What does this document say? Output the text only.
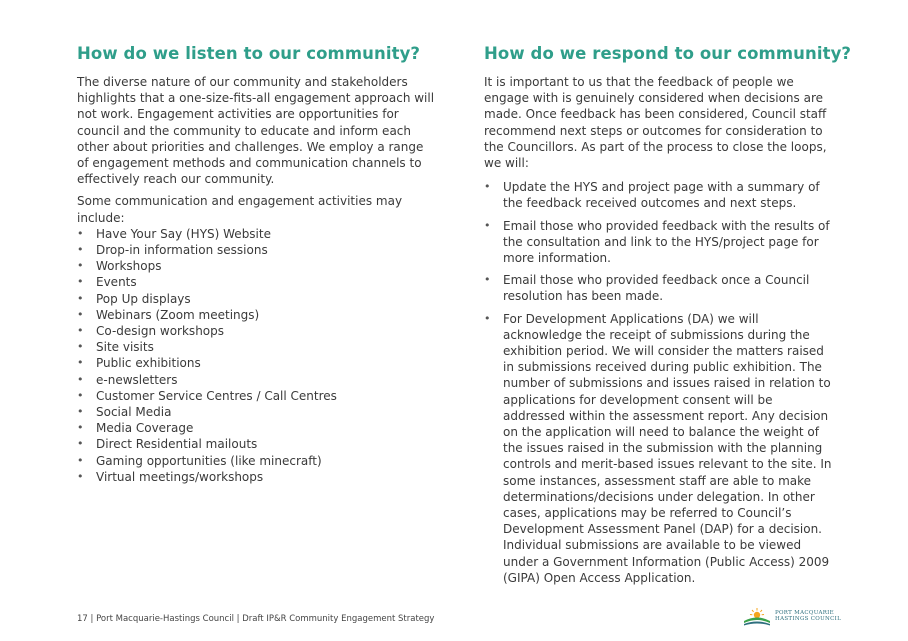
How do we listen to our community?

The diverse nature of our community and stakeholders highlights that a one-size-fits-all engagement approach will not work. Engagement activities are opportunities for council and the community to educate and inform each other about priorities and challenges. We employ a range of engagement methods and communication channels to effectively reach our community.

Some communication and engagement activities may include:

• Have Your Say (HYS) Website
• Drop-in information sessions
• Workshops
• Events
• Pop Up displays
• Webinars (Zoom meetings)
• Co-design workshops
• Site visits
• Public exhibitions
• e-newsletters
• Customer Service Centres / Call Centres
• Social Media
• Media Coverage
• Direct Residential mailouts
• Gaming opportunities (like minecraft)
• Virtual meetings/workshops
How do we respond to our community?

It is important to us that the feedback of people we engage with is genuinely considered when decisions are made. Once feedback has been considered, Council staff recommend next steps or outcomes for consideration to the Councillors. As part of the process to close the loops, we will:

• Update the HYS and project page with a summary of the feedback received outcomes and next steps.
• Email those who provided feedback with the results of the consultation and link to the HYS/project page for more information.
• Email those who provided feedback once a Council resolution has been made.
• For Development Applications (DA) we will acknowledge the receipt of submissions during the exhibition period. We will consider the matters raised in submissions received during public exhibition. The number of submissions and issues raised in relation to applications for development consent will be addressed within the assessment report. Any decision on the application will need to balance the weight of the issues raised in the submission with the planning controls and merit-based issues relevant to the site. In some instances, assessment staff are able to make determinations/decisions under delegation. In other cases, applications may be referred to Council’s Development Assessment Panel (DAP) for a decision. Individual submissions are available to be viewed under a Government Information (Public Access) 2009 (GIPA) Open Access Application.
17 | Port Macquarie-Hastings Council | Draft IP&R Community Engagement Strategy
PORT MACQUARIE
HASTINGS COUNCIL
